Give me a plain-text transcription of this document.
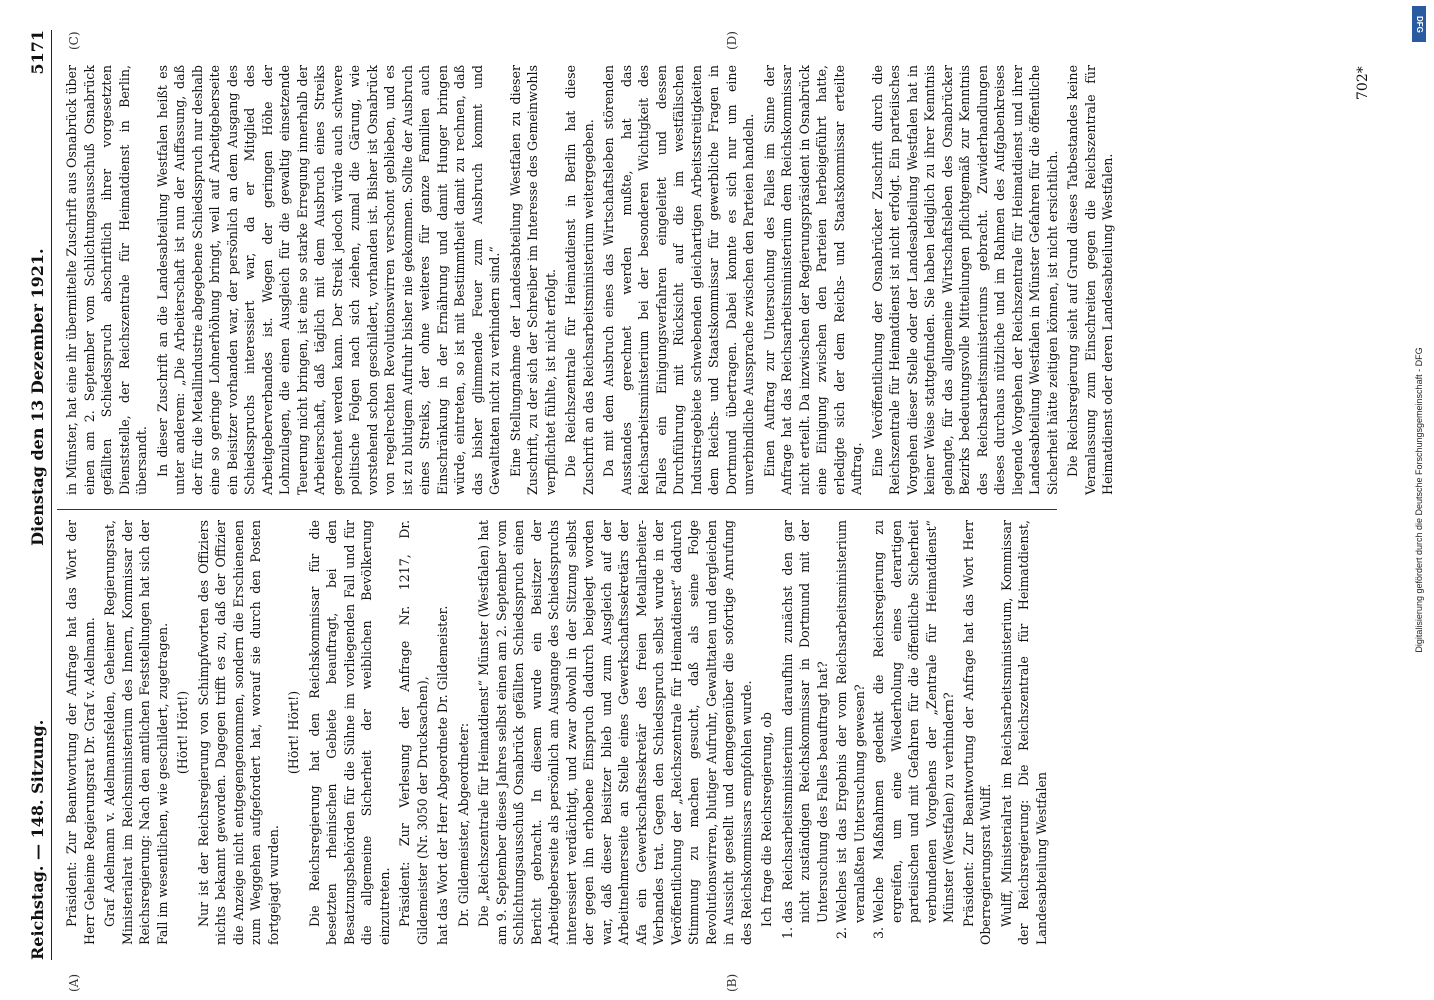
DFG
Digitalisierung gefördert durch die Deutsche Forschungsgemeinschaft - DFG
Reichstag. — 148. Sitzung.
Dienstag den 13 Dezember 1921.
5171
(A)	(B)
(C)	(D)

Präsident: Zur Beantwortung der Anfrage hat das Wort der Herr Geheime Regierungsrat Dr. Graf v. Adelmann. Graf Adelmann v. Adelmannsfelden, Geheimer Regierungsrat, Ministerialrat im Reichsministerium des Innern, Kommissar der Reichsregierung: Nach den amtlichen Feststellungen hat sich der Fall im wesentlichen, wie geschildert, zugetragen. (Hört! Hört!) Nur ist der Reichsregierung von Schimpfworten des Offiziers nichts bekannt geworden. Dagegen trifft es zu, daß der Offizier die Anzeige nicht entgegengenommen, sondern die Erschienenen zum Weggehen aufgefordert hat, worauf sie durch den Posten fortgejagt wurden.

(Hört! Hört!) Die Reichsregierung hat den Reichskommissar für die besetzten rheinischen Gebiete beauftragt, bei den Besatzungsbehörden für die Sühne im vorliegenden Fall und für die allgemeine Sicherheit der weiblichen Bevölkerung einzutreten. Präsident: Zur Verlesung der Anfrage Nr. 1217, Dr. Gildemeister (Nr. 3050 der Drucksachen), hat das Wort der Herr Abgeordnete Dr. Gildemeister. Dr. Gildemeister, Abgeordneter: Die „Reichszentrale für Heimatdienst“ Münster (Westfalen) hat am 9. September dieses Jahres selbst einen am 2. September vom Schlichtungsausschuß Osnabrück gefällten Schiedsspruch einen Bericht gebracht. In diesem wurde ein Beisitzer der Arbeitgeberseite als persönlich am Ausgange des Schiedsspruchs interessiert verdächtigt, und zwar obwohl in der Sitzung selbst der gegen ihn erhobene Einspruch dadurch beigelegt worden war, daß dieser Beisitzer blieb und zum Ausgleich auf der Arbeitnehmerseite an Stelle eines Gewerkschaftssekretärs der Afa ein Gewerkschaftssekretär des freien Metallarbeiter-Verbandes trat. Gegen den Schiedsspruch selbst wurde in der Veröffentlichung der „Reichszentrale für Heimatdienst“ dadurch Stimmung zu machen gesucht, daß als seine Folge Revolutionswirren, blutiger Aufruhr, Gewalttaten und dergleichen in Aussicht gestellt und demgegenüber die sofortige Anrufung des Reichskommissars empfohlen wurde. Ich frage die Reichsregierung, ob 1. das Reichsarbeitsministerium daraufhin zunächst den gar nicht zuständigen Reichskommissar in Dortmund mit der Untersuchung des Falles beauftragt hat? 2. Welches ist das Ergebnis der vom Reichsarbeitsministerium veranlaßten Untersuchung gewesen? 3. Welche Maßnahmen gedenkt die Reichsregierung zu ergreifen, um eine Wiederholung eines derartigen parteiischen und mit Gefahren für die öffentliche Sicherheit verbundenen Vorgehens der „Zentrale für Heimatdienst“ Münster (Westfalen) zu verhindern? Präsident: Zur Beantwortung der Anfrage hat das Wort Herr Oberregierungsrat Wulff. Wulff, Ministerialrat im Reichsarbeitsministerium, Kommissar der Reichsregierung: Die Reichszentrale für Heimatdienst, Landesabteilung Westfalen

in Münster, hat eine ihr übermittelte Zuschrift aus Osnabrück über einen am 2. September vom Schlichtungsausschuß Osnabrück gefällten Schiedsspruch abschriftlich ihrer vorgesetzten Dienststelle, der Reichszentrale für Heimatdienst in Berlin, übersandt. In dieser Zuschrift an die Landesabteilung Westfalen heißt es unter anderem: „Die Arbeiterschaft ist nun der Auffassung, daß der für die Metallindustrie abgegebene Schiedsspruch nur deshalb eine so geringe Lohnerhöhung bringt, weil auf Arbeitgeberseite ein Beisitzer vorhanden war, der persönlich an dem Ausgang des Schiedsspruchs interessiert war, da er Mitglied des Arbeitgeberverbandes ist. Wegen der geringen Höhe der Lohnzulagen, die einen Ausgleich für die gewaltig einsetzende Teuerung nicht bringen, ist eine so starke Erregung innerhalb der Arbeiterschaft, daß täglich mit dem Ausbruch eines Streiks gerechnet werden kann. Der Streik jedoch würde auch schwere politische Folgen nach sich ziehen, zumal die Gärung, wie vorstehend schon geschildert, vorhanden ist. Bisher ist Osnabrück von regelrechten Revolutionswirren verschont geblieben, und es ist zu blutigem Aufruhr bisher nie gekommen. Sollte der Ausbruch eines Streiks, der ohne weiteres für ganze Familien auch Einschränkung in der Ernährung und damit Hunger bringen würde, eintreten, so ist mit Bestimmtheit damit zu rechnen, daß das bisher glimmende Feuer zum Ausbruch kommt und Gewalttaten nicht zu verhindern sind.“ Eine Stellungnahme der Landesabteilung Westfalen zu dieser Zuschrift, zu der sich der Schreiber im Interesse des Gemeinwohls verpflichtet fühlte, ist nicht erfolgt. Die Reichszentrale für Heimatdienst in Berlin hat diese Zuschrift an das Reichsarbeitsministerium weitergegeben. Da mit dem Ausbruch eines das Wirtschaftsleben störenden Ausstandes gerechnet werden mußte, hat das Reichsarbeitsministerium bei der besonderen Wichtigkeit des Falles ein Einigungsverfahren eingeleitet und dessen Durchführung mit Rücksicht auf die im westfälischen Industriegebiete schwebenden gleichartigen Arbeitsstreitigkeiten dem Reichs- und Staatskommissar für gewerbliche Fragen in Dortmund übertragen. Dabei konnte es sich nur um eine unverbindliche Aussprache zwischen den Parteien handeln. Einen Auftrag zur Untersuchung des Falles im Sinne der Anfrage hat das Reichsarbeitsministerium dem Reichskommissar nicht erteilt. Da inzwischen der Regierungspräsident in Osnabrück eine Einigung zwischen den Parteien herbeigeführt hatte, erledigte sich der dem Reichs- und Staatskommissar erteilte Auftrag. Eine Veröffentlichung der Osnabrücker Zuschrift durch die Reichszentrale für Heimatdienst ist nicht erfolgt. Ein parteiisches Vorgehen dieser Stelle oder der Landesabteilung Westfalen hat in keiner Weise stattgefunden. Sie haben lediglich zu ihrer Kenntnis gelangte, für das allgemeine Wirtschaftsleben des Osnabrücker Bezirks bedeutungsvolle Mitteilungen pflichtgemäß zur Kenntnis des Reichsarbeitsministeriums gebracht. Zuwiderhandlungen dieses durchaus nützliche und im Rahmen des Aufgabenkreises liegende Vorgehen der Reichszentrale für Heimatdienst und ihrer Landesabteilung Westfalen in Münster Gefahren für die öffentliche Sicherheit hätte zeitigen können, ist nicht ersichtlich. Die Reichsregierung sieht auf Grund dieses Tatbestandes keine Veranlassung zum Einschreiten gegen die Reichszentrale für Heimatdienst oder deren Landesabteilung Westfalen.

702*
